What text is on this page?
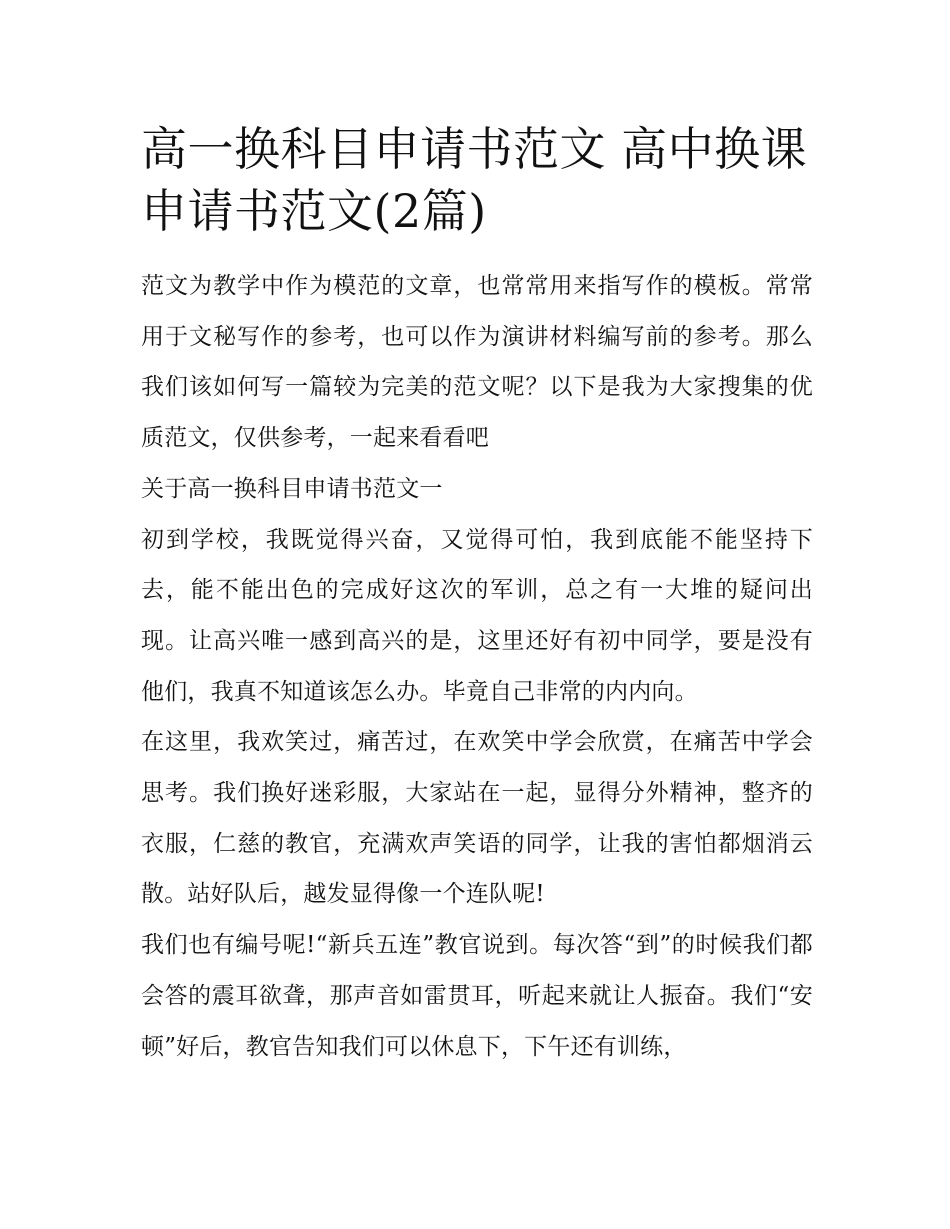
高一换科目申请书范文 高中换课申请书范文(2篇)

范文为教学中作为模范的文章，也常常用来指写作的模板。常常用于文秘写作的参考，也可以作为演讲材料编写前的参考。那么我们该如何写一篇较为完美的范文呢？以下是我为大家搜集的优质范文，仅供参考，一起来看看吧

关于高一换科目申请书范文一

初到学校，我既觉得兴奋，又觉得可怕，我到底能不能坚持下去，能不能出色的完成好这次的军训，总之有一大堆的疑问出现。让高兴唯一感到高兴的是，这里还好有初中同学，要是没有他们，我真不知道该怎么办。毕竟自己非常的内内向。

在这里，我欢笑过，痛苦过，在欢笑中学会欣赏，在痛苦中学会思考。我们换好迷彩服，大家站在一起，显得分外精神，整齐的衣服，仁慈的教官，充满欢声笑语的同学，让我的害怕都烟消云散。站好队后，越发显得像一个连队呢!

我们也有编号呢!“新兵五连”教官说到。每次答“到”的时候我们都会答的震耳欲聋，那声音如雷贯耳，听起来就让人振奋。我们“安顿”好后，教官告知我们可以休息下，下午还有训练，
